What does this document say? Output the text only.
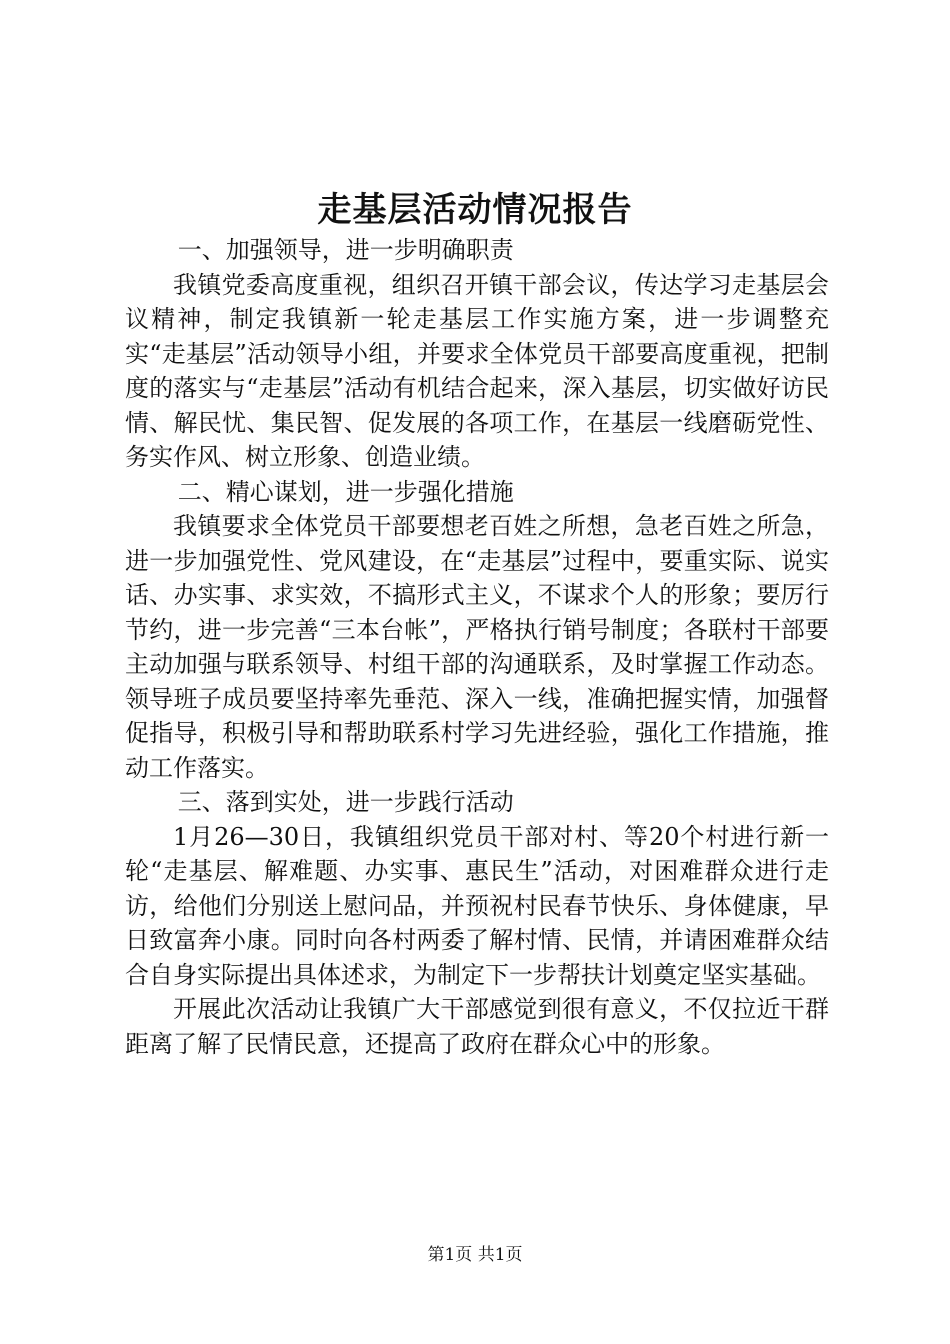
走基层活动情况报告

一、加强领导，进一步明确职责

我镇党委高度重视，组织召开镇干部会议，传达学习走基层会议精神，制定我镇新一轮走基层工作实施方案，进一步调整充实“走基层”活动领导小组，并要求全体党员干部要高度重视，把制度的落实与“走基层”活动有机结合起来，深入基层，切实做好访民情、解民忧、集民智、促发展的各项工作，在基层一线磨砺党性、务实作风、树立形象、创造业绩。

二、精心谋划，进一步强化措施

我镇要求全体党员干部要想老百姓之所想，急老百姓之所急，进一步加强党性、党风建设，在“走基层”过程中，要重实际、说实话、办实事、求实效，不搞形式主义，不谋求个人的形象；要厉行节约，进一步完善“三本台帐”，严格执行销号制度；各联村干部要主动加强与联系领导、村组干部的沟通联系，及时掌握工作动态。领导班子成员要坚持率先垂范、深入一线，准确把握实情，加强督促指导，积极引导和帮助联系村学习先进经验，强化工作措施，推动工作落实。

三、落到实处，进一步践行活动

1月26—30日，我镇组织党员干部对村、等20个村进行新一轮“走基层、解难题、办实事、惠民生”活动，对困难群众进行走访，给他们分别送上慰问品，并预祝村民春节快乐、身体健康，早日致富奔小康。同时向各村两委了解村情、民情，并请困难群众结合自身实际提出具体述求，为制定下一步帮扶计划奠定坚实基础。

开展此次活动让我镇广大干部感觉到很有意义，不仅拉近干群距离了解了民情民意，还提高了政府在群众心中的形象。

第1页 共1页
